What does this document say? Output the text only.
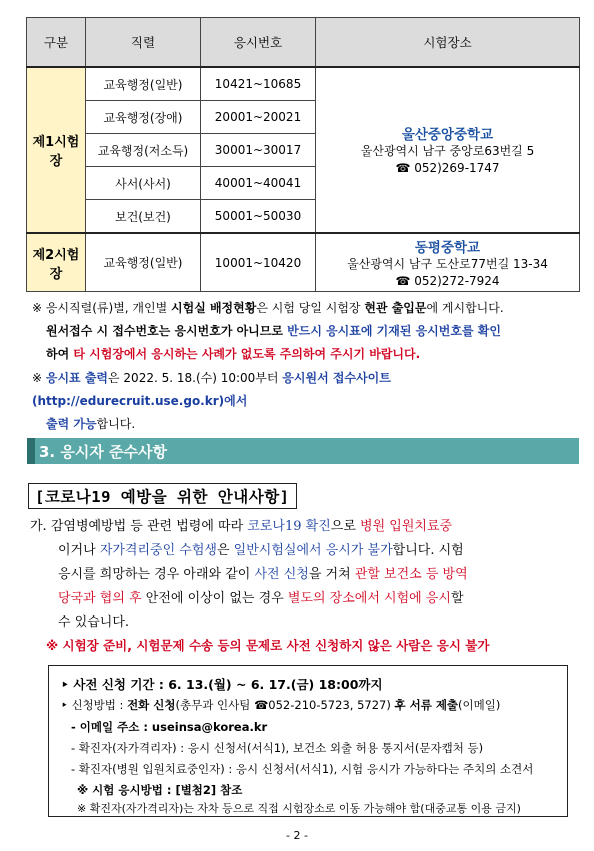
구분	직렬	응시번호	시험장소
제1시험장	교육행정(일반)	10421~10685	울산중앙중학교
울산광역시 남구 중앙로63번길 5
☎ 052)269-1747

	교육행정(장애)	20001~20021	
	교육행정(저소득)	30001~30017	
	사서(사서)	40001~40041	
	보건(보건)	50001~50030	
제2시험장	교육행정(일반)	10001~10420	동평중학교
울산광역시 남구 도산로77번길 13-34
☎ 052)272-7924
※ 응시직렬(류)별, 개인별 시험실 배정현황은 시험 당일 시험장 현관 출입문에 게시합니다.
원서접수 시 접수번호는 응시번호가 아니므로 반드시 응시표에 기재된 응시번호를 확인
하여 타 시험장에서 응시하는 사례가 없도록 주의하여 주시기 바랍니다.
※ 응시표 출력은 2022. 5. 18.(수) 10:00부터 응시원서 접수사이트(http://edurecruit.use.go.kr)에서
출력 가능합니다.
3. 응시자 준수사항
[코로나19 예방을 위한 안내사항]
가. 감염병예방법 등 관련 법령에 따라 코로나19 확진으로 병원 입원치료중
이거나 자가격리중인 수험생은 일반시험실에서 응시가 불가합니다. 시험
응시를 희망하는 경우 아래와 같이 사전 신청을 거쳐 관할 보건소 등 방역
당국과 협의 후 안전에 이상이 없는 경우 별도의 장소에서 시험에 응시할
수 있습니다.
※ 시험장 준비, 시험문제 수송 등의 문제로 사전 신청하지 않은 사람은 응시 불가
‣ 사전 신청 기간 : 6. 13.(월) ~ 6. 17.(금) 18:00까지
‣ 신청방법 : 전화 신청(총무과 인사팀 ☎052-210-5723, 5727) 후 서류 제출(이메일)
- 이메일 주소 : useinsa@korea.kr
- 확진자(자가격리자) : 응시 신청서(서식1), 보건소 외출 허용 통지서(문자캡처 등)
- 확진자(병원 입원치료중인자) : 응시 신청서(서식1), 시험 응시가 가능하다는 주치의 소견서
※ 시험 응시방법 : [별첨2] 참조
※ 확진자(자가격리자)는 자차 등으로 직접 시험장소로 이동 가능해야 함(대중교통 이용 금지)
- 2 -
